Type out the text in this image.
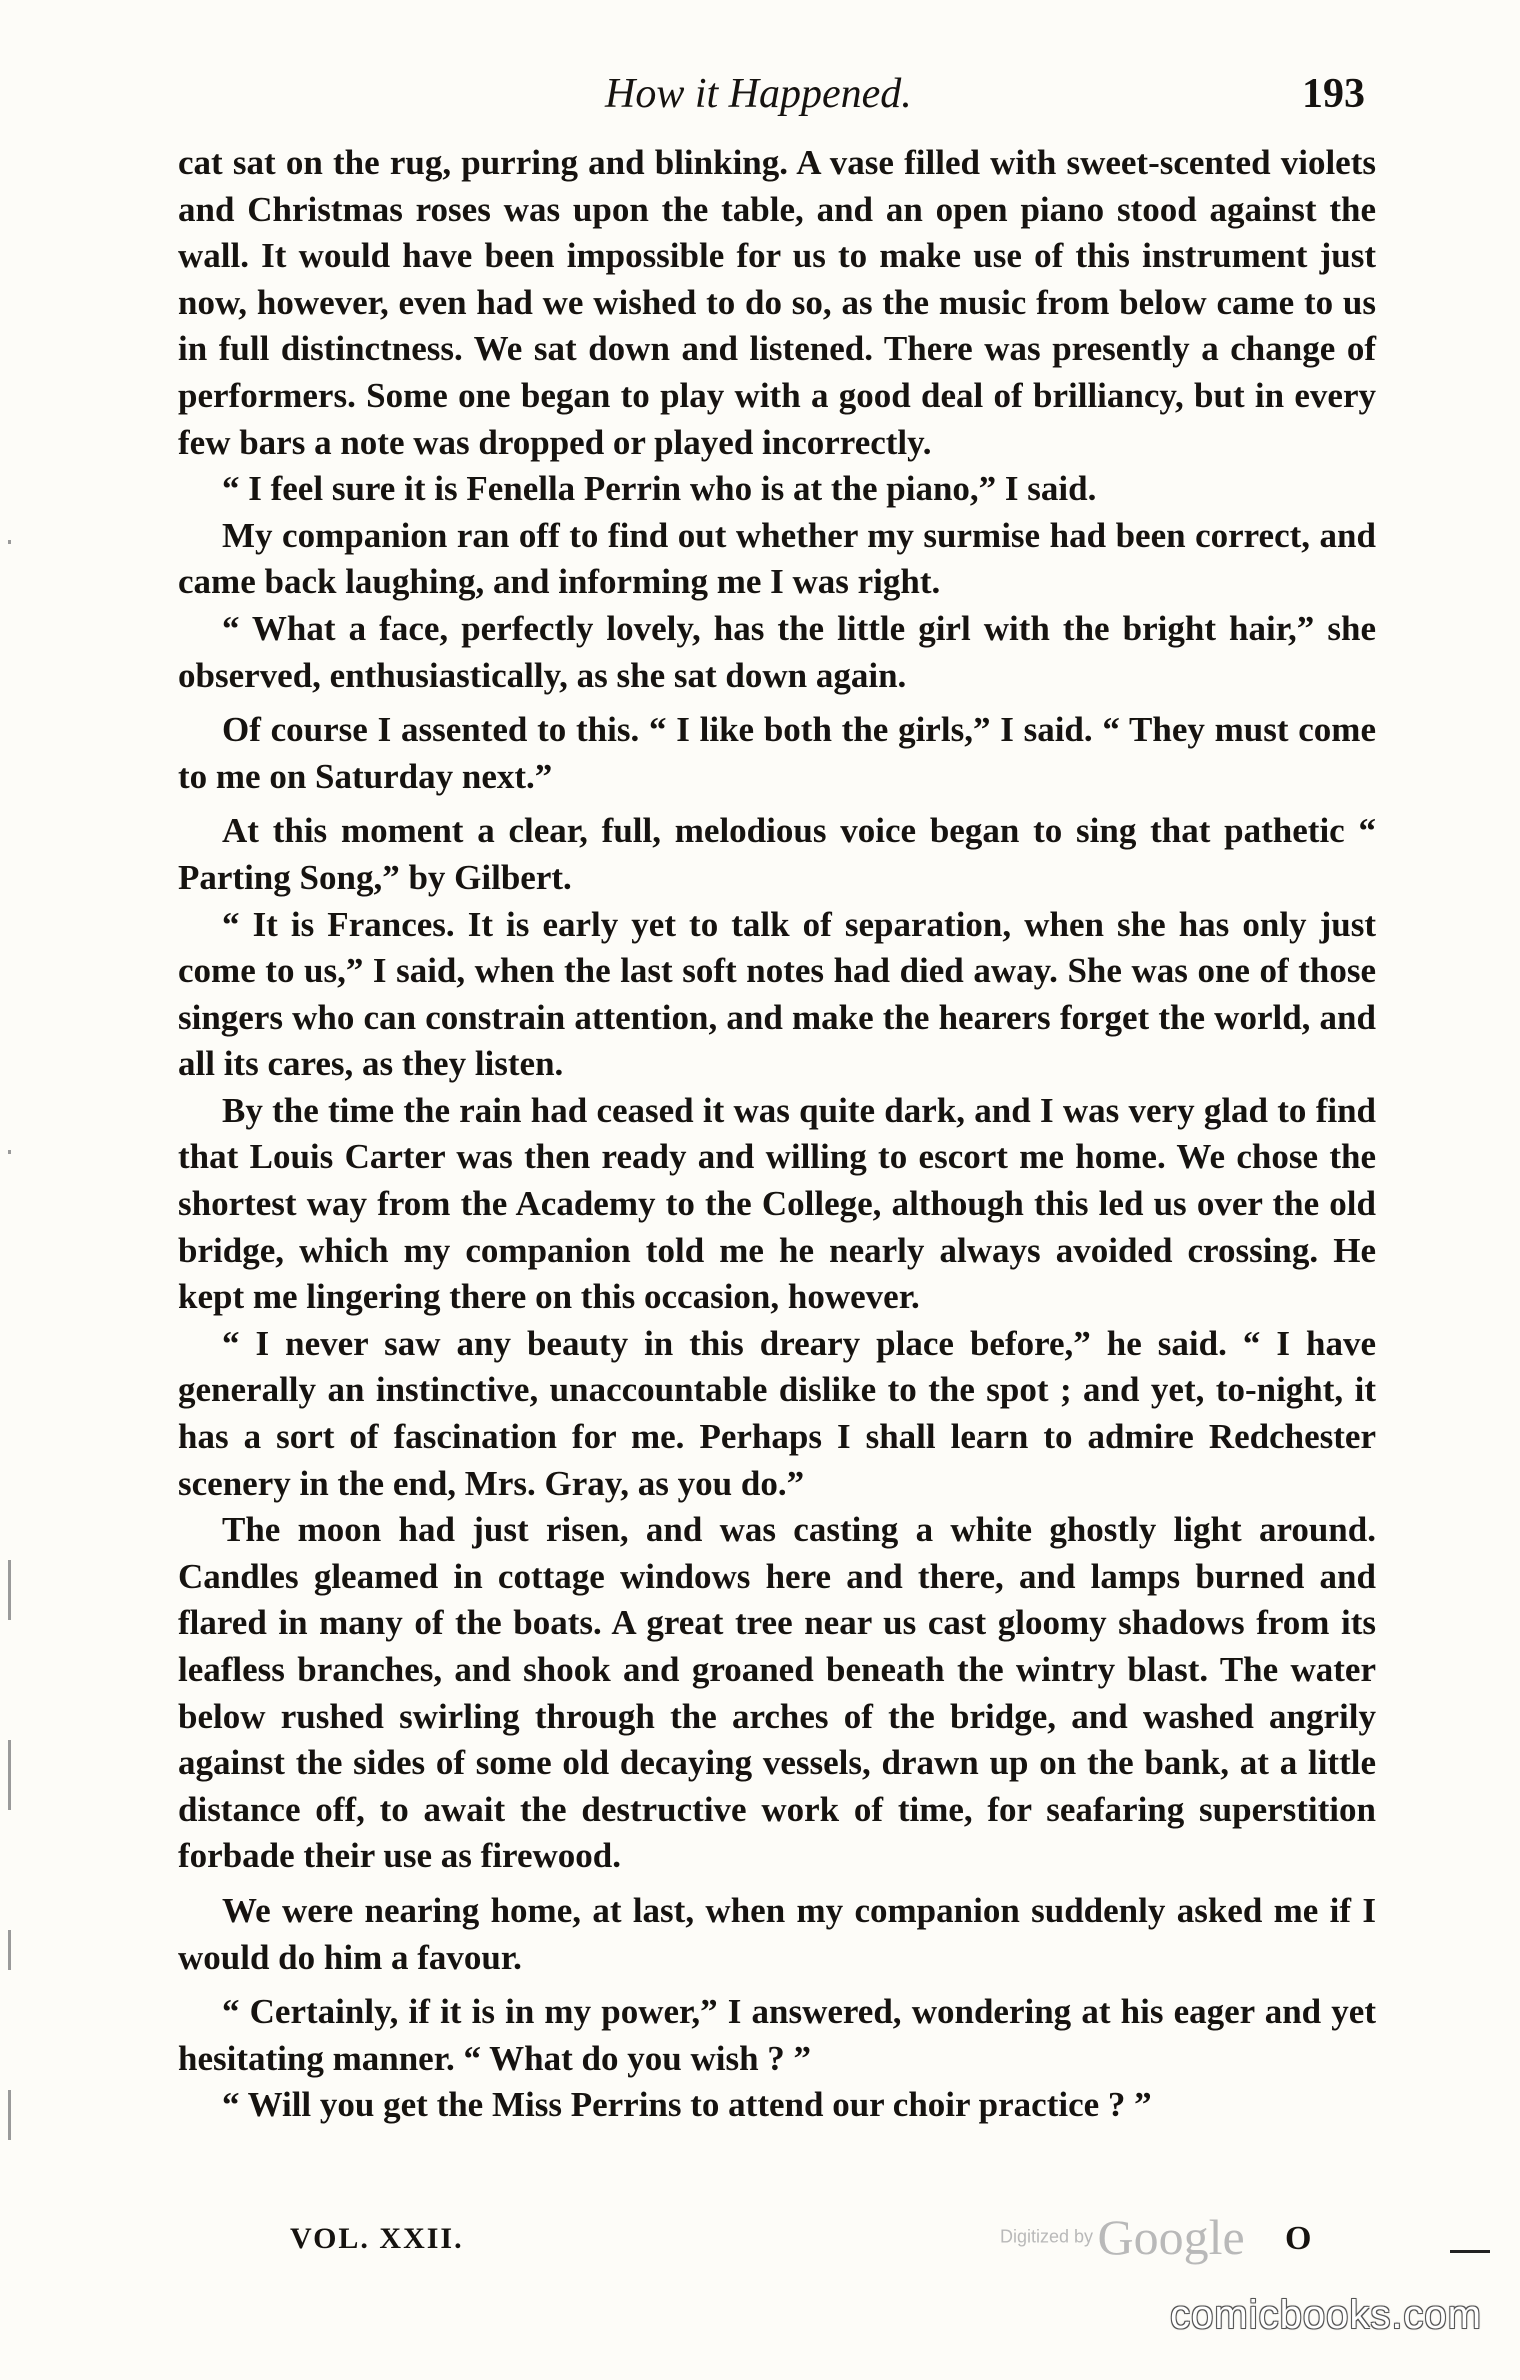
How it Happened.	193

cat sat on the rug, purring and blinking. A vase filled with sweet-scented violets and Christmas roses was upon the table, and an open piano stood against the wall. It would have been impossible for us to make use of this instrument just now, however, even had we wished to do so, as the music from below came to us in full distinctness. We sat down and listened. There was presently a change of performers. Some one began to play with a good deal of brilliancy, but in every few bars a note was dropped or played incorrectly.

“ I feel sure it is Fenella Perrin who is at the piano,” I said.

My companion ran off to find out whether my surmise had been correct, and came back laughing, and informing me I was right.

“ What a face, perfectly lovely, has the little girl with the bright hair,” she observed, enthusiastically, as she sat down again.

Of course I assented to this. “ I like both the girls,” I said. “ They must come to me on Saturday next.”

At this moment a clear, full, melodious voice began to sing that pathetic “ Parting Song,” by Gilbert.

“ It is Frances. It is early yet to talk of separation, when she has only just come to us,” I said, when the last soft notes had died away. She was one of those singers who can constrain attention, and make the hearers forget the world, and all its cares, as they listen.

By the time the rain had ceased it was quite dark, and I was very glad to find that Louis Carter was then ready and willing to escort me home. We chose the shortest way from the Academy to the College, although this led us over the old bridge, which my companion told me he nearly always avoided crossing. He kept me lingering there on this occasion, however.

“ I never saw any beauty in this dreary place before,” he said. “ I have generally an instinctive, unaccountable dislike to the spot ; and yet, to-night, it has a sort of fascination for me. Perhaps I shall learn to admire Redchester scenery in the end, Mrs. Gray, as you do.”

The moon had just risen, and was casting a white ghostly light around. Candles gleamed in cottage windows here and there, and lamps burned and flared in many of the boats. A great tree near us cast gloomy shadows from its leafless branches, and shook and groaned beneath the wintry blast. The water below rushed swirling through the arches of the bridge, and washed angrily against the sides of some old decaying vessels, drawn up on the bank, at a little distance off, to await the destructive work of time, for seafaring superstition forbade their use as firewood.

We were nearing home, at last, when my companion suddenly asked me if I would do him a favour.

“ Certainly, if it is in my power,” I answered, wondering at his eager and yet hesitating manner. “ What do you wish ? ”

“ Will you get the Miss Perrins to attend our choir practice ? ”

VOL. XXII.	Digitized by Google O
comicbooks.com
